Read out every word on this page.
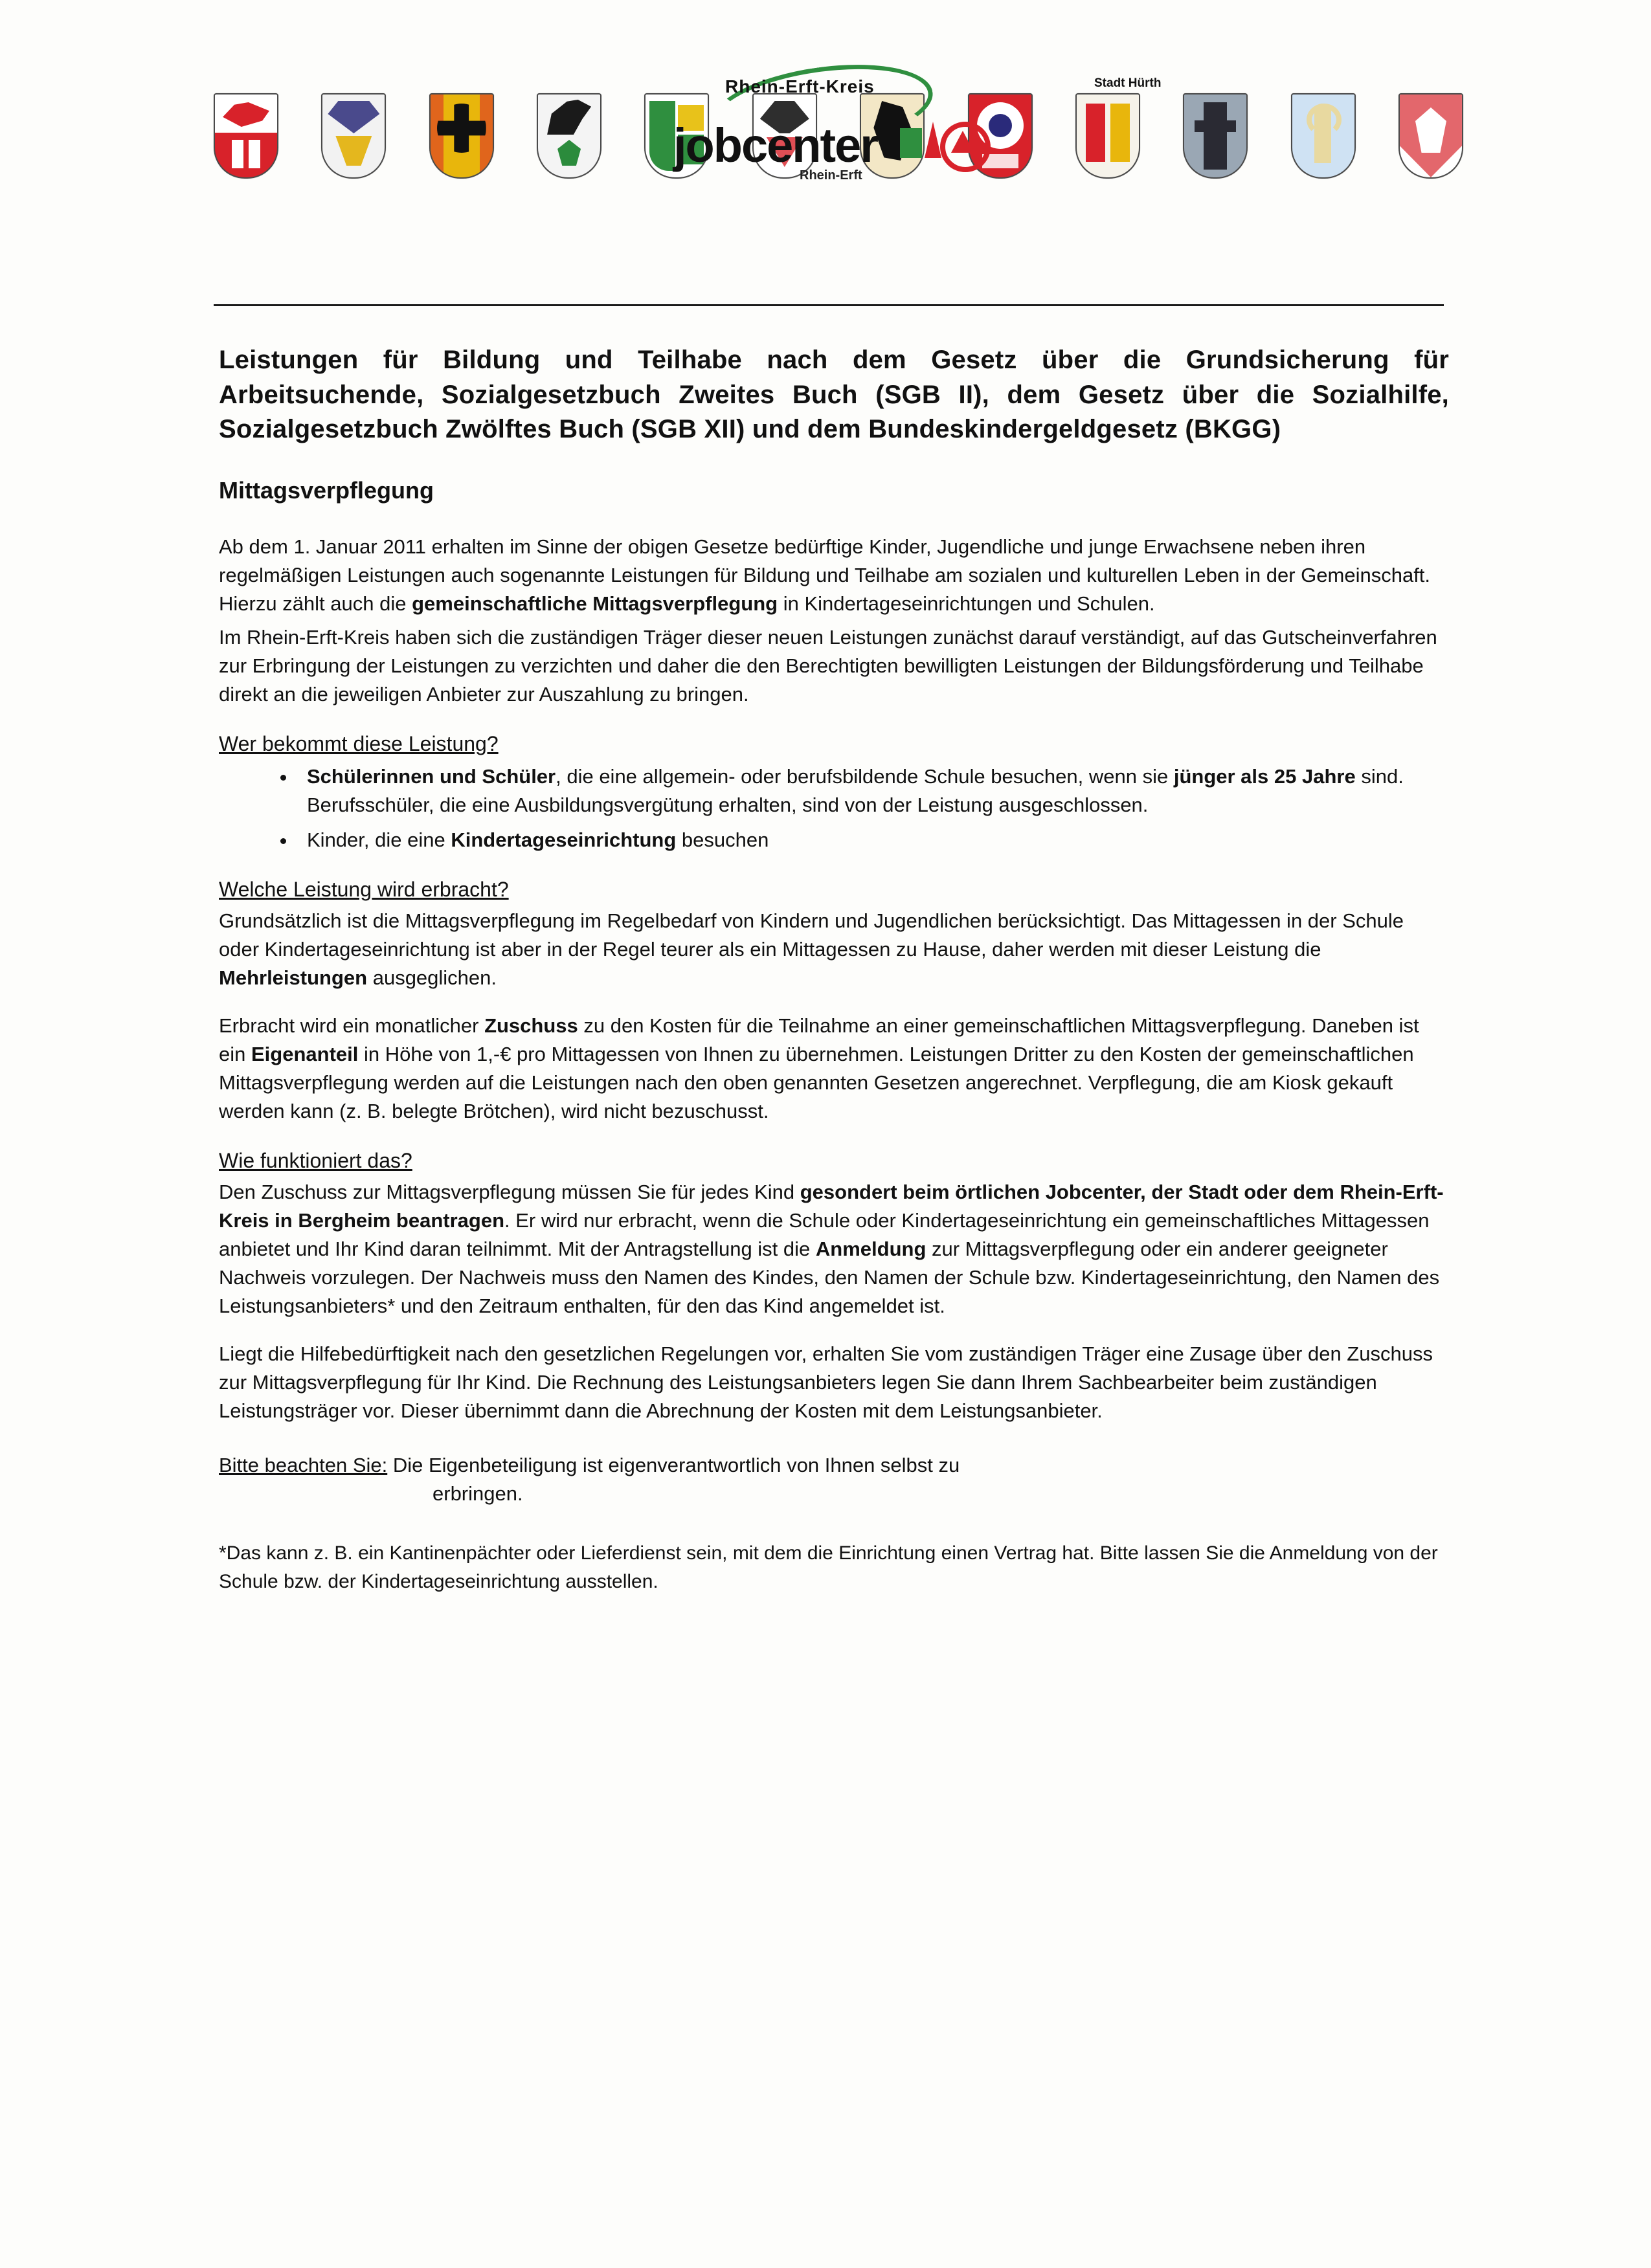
Rhein-Erft-Kreis
jobcenter
Rhein-Erft
Stadt Hürth
Leistungen für Bildung und Teilhabe nach dem Gesetz über die Grundsicherung für Arbeitsuchende, Sozialgesetzbuch Zweites Buch (SGB II), dem Gesetz über die Sozialhilfe, Sozialgesetzbuch Zwölftes Buch (SGB XII) und dem Bundeskindergeldgesetz (BKGG)
Mittagsverpflegung

Ab dem 1. Januar 2011 erhalten im Sinne der obigen Gesetze bedürftige Kinder, Jugendliche und junge Erwachsene neben ihren regelmäßigen Leistungen auch sogenannte Leistungen für Bildung und Teilhabe am sozialen und kulturellen Leben in der Gemeinschaft. Hierzu zählt auch die gemeinschaftliche Mittagsverpflegung in Kindertageseinrichtungen und Schulen.

Im Rhein-Erft-Kreis haben sich die zuständigen Träger dieser neuen Leistungen zunächst darauf verständigt, auf das Gutscheinverfahren zur Erbringung der Leistungen zu verzichten und daher die den Berechtigten bewilligten Leistungen der Bildungsförderung und Teilhabe direkt an die jeweiligen Anbieter zur Auszahlung zu bringen.

Wer bekommt diese Leistung?
• Schülerinnen und Schüler, die eine allgemein- oder berufsbildende Schule besuchen, wenn sie jünger als 25 Jahre sind. Berufsschüler, die eine Ausbildungsvergütung erhalten, sind von der Leistung ausgeschlossen.
• Kinder, die eine Kindertageseinrichtung besuchen
Welche Leistung wird erbracht?

Grundsätzlich ist die Mittagsverpflegung im Regelbedarf von Kindern und Jugendlichen berücksichtigt. Das Mittagessen in der Schule oder Kindertageseinrichtung ist aber in der Regel teurer als ein Mittagessen zu Hause, daher werden mit dieser Leistung die Mehrleistungen ausgeglichen.

Erbracht wird ein monatlicher Zuschuss zu den Kosten für die Teilnahme an einer gemeinschaftlichen Mittagsverpflegung. Daneben ist ein Eigenanteil in Höhe von 1,-€ pro Mittagessen von Ihnen zu übernehmen. Leistungen Dritter zu den Kosten der gemeinschaftlichen Mittagsverpflegung werden auf die Leistungen nach den oben genannten Gesetzen angerechnet. Verpflegung, die am Kiosk gekauft werden kann (z. B. belegte Brötchen), wird nicht bezuschusst.

Wie funktioniert das?

Den Zuschuss zur Mittagsverpflegung müssen Sie für jedes Kind gesondert beim örtlichen Jobcenter, der Stadt oder dem Rhein-Erft-Kreis in Bergheim beantragen. Er wird nur erbracht, wenn die Schule oder Kindertageseinrichtung ein gemeinschaftliches Mittagessen anbietet und Ihr Kind daran teilnimmt. Mit der Antragstellung ist die Anmeldung zur Mittagsverpflegung oder ein anderer geeigneter Nachweis vorzulegen. Der Nachweis muss den Namen des Kindes, den Namen der Schule bzw. Kindertageseinrichtung, den Namen des Leistungsanbieters* und den Zeitraum enthalten, für den das Kind angemeldet ist.

Liegt die Hilfebedürftigkeit nach den gesetzlichen Regelungen vor, erhalten Sie vom zuständigen Träger eine Zusage über den Zuschuss zur Mittagsverpflegung für Ihr Kind. Die Rechnung des Leistungsanbieters legen Sie dann Ihrem Sachbearbeiter beim zuständigen Leistungsträger vor. Dieser übernimmt dann die Abrechnung der Kosten mit dem Leistungsanbieter.

Bitte beachten Sie: Die Eigenbeteiligung ist eigenverantwortlich von Ihnen selbst zu
erbringen.

*Das kann z. B. ein Kantinenpächter oder Lieferdienst sein, mit dem die Einrichtung einen Vertrag hat. Bitte lassen Sie die Anmeldung von der Schule bzw. der Kindertageseinrichtung ausstellen.
